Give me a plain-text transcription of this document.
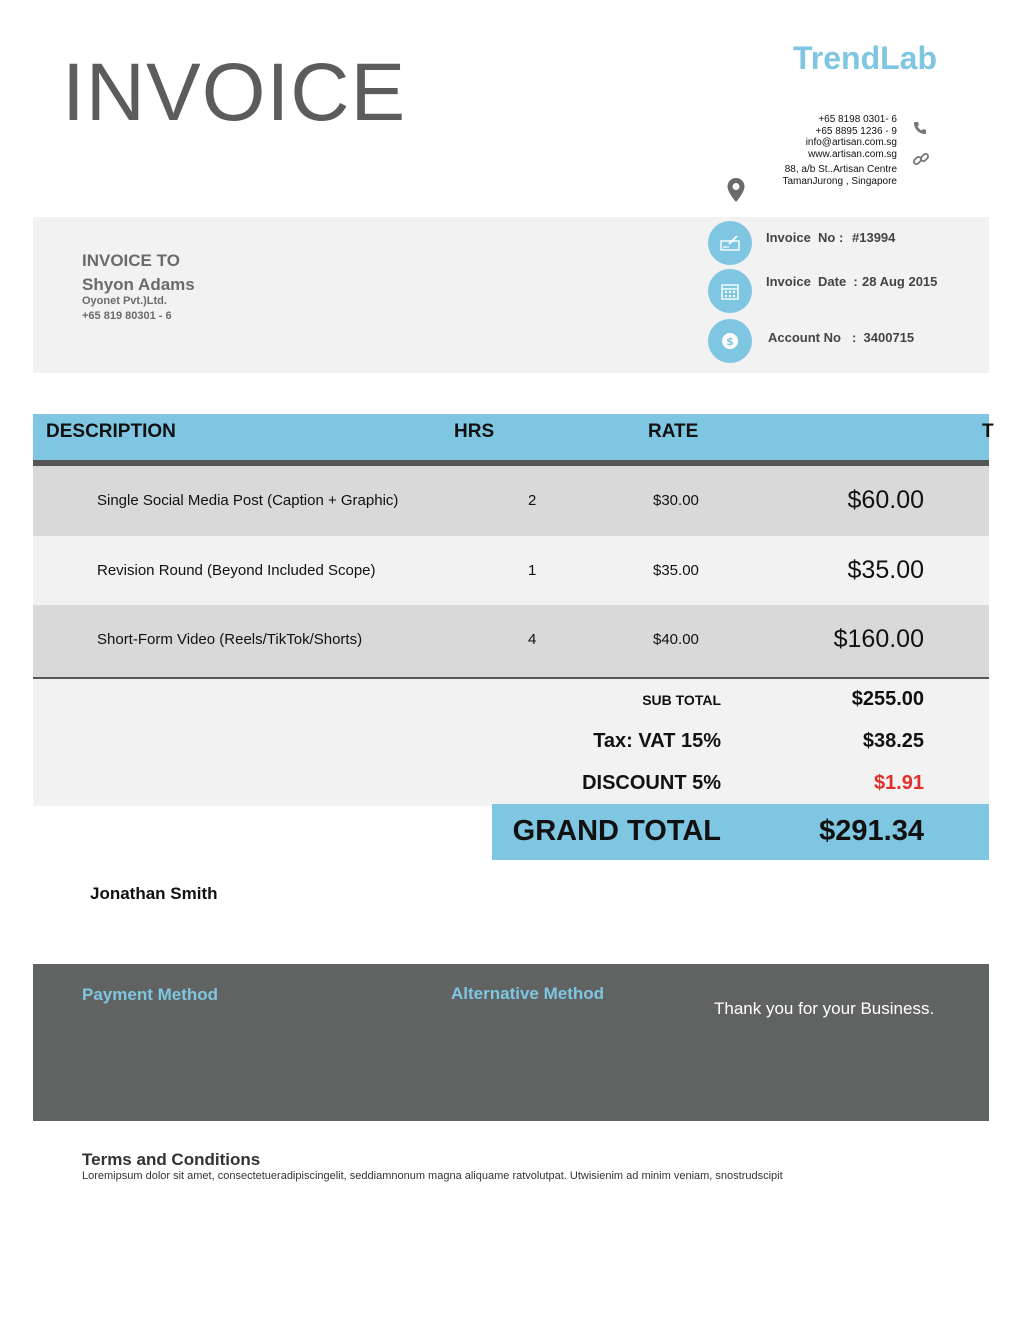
INVOICE	TrendLab
+65 8198 0301- 6
+65 8895 1236 - 9
info@artisan.com.sg
www.artisan.com.sg
88, a/b St..Artisan Centre
TamanJurong , Singapore
INVOICE TO
Shyon Adams
Oyonet Pvt.)Ltd.
+65 819 80301 - 6
Invoice  No : #13994
Invoice  Date  : 28 Aug 2015
$	Account No :  3400715
DESCRIPTION	HRS	RATE	T
Single Social Media Post (Caption + Graphic)	2	$30.00	$60.00
Revision Round (Beyond Included Scope)	1	$35.00	$35.00
Short-Form Video (Reels/TikTok/Shorts)	4	$40.00	$160.00
SUB TOTAL	$255.00
Tax: VAT 15%	$38.25
DISCOUNT 5%	$1.91
GRAND TOTAL	$291.34
Jonathan Smith
Payment Method	Alternative Method
Thank you for your Business.
Terms and Conditions
Loremipsum dolor sit amet, consectetueradipiscingelit, seddiamnonum magna aliquame ratvolutpat. Utwisienim ad minim veniam, snostrudscipit
